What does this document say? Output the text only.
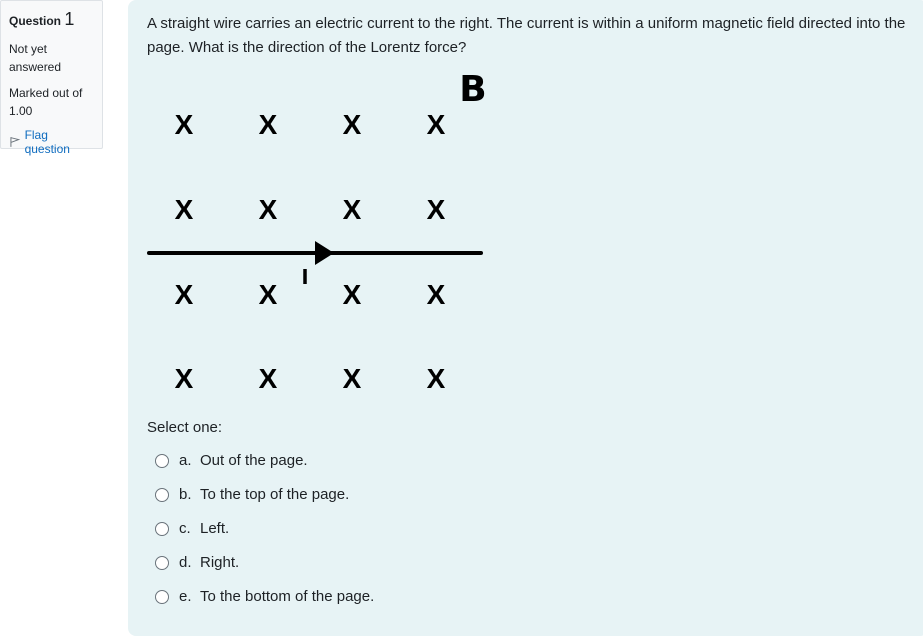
Question 1
Not yet answered
Marked out of 1.00
Flag question
A straight wire carries an electric current to the right. The current is within a uniform magnetic field directed into the page. What is the direction of the Lorentz force?
X
X
X
X
X
X
X
X
X
X
X
X
X
X
X
X
B
Select one:
a. Out of the page.
b. To the top of the page.
c. Left.
d. Right.
e. To the bottom of the page.
